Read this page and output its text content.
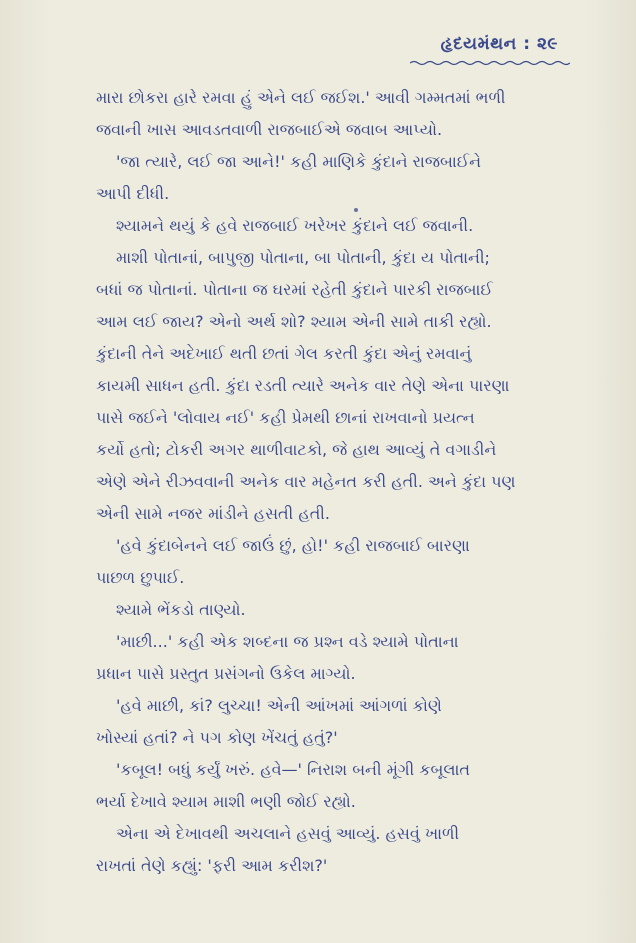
હૃદયમંથન : ૨૯
મારા છોકરા હારે રમવા હું એને લઈ જઈશ.' આવી ગમ્મતમાં ભળી
જવાની ખાસ આવડતવાળી રાજબાઈએ જવાબ આપ્યો.
'જા ત્યારે, લઈ જા આને!' કહી માણિકે કુંદાને રાજબાઈને
આપી દીધી.
શ્યામને થયું કે હવે રાજબાઈ ખરેખર કુંદાને લઈ જવાની.
માશી પોતાનાં, બાપુજી પોતાના, બા પોતાની, કુંદા ય પોતાની;
બધાં જ પોતાનાં. પોતાના જ ઘરમાં રહેતી કુંદાને પારકી રાજબાઈ
આમ લઈ જાય? એનો અર્થ શો? શ્યામ એની સામે તાકી રહ્યો.
કુંદાની તેને અદેખાઈ થતી છતાં ગેલ કરતી કુંદા એનું રમવાનું
કાયમી સાધન હતી. કુંદા રડતી ત્યારે અનેક વાર તેણે એના પારણા
પાસે જઈને 'લોવાય નઈ' કહી પ્રેમથી છાનાં રાખવાનો પ્રયત્ન
કર્યો હતો; ટોકરી અગર થાળીવાટકો, જે હાથ આવ્યું તે વગાડીને
એણે એને રીઝવવાની અનેક વાર મહેનત કરી હતી. અને કુંદા પણ
એની સામે નજર માંડીને હસતી હતી.
'હવે કુંદાબેનને લઈ જાઉં છું, હો!' કહી રાજબાઈ બારણા
પાછળ છુપાઈ.
શ્યામે ભેંકડો તાણ્યો.
'માછી...' કહી એક શબ્દના જ પ્રશ્ન વડે શ્યામે પોતાના
પ્રધાન પાસે પ્રસ્તુત પ્રસંગનો ઉકેલ માગ્યો.
'હવે માછી, કાં? લુચ્ચા! એની આંખમાં આંગળાં કોણે
ખોસ્યાં હતાં? ને પગ કોણ ખેંચતું હતું?'
'કબૂલ! બધું કર્યું ખરું. હવે—' નિરાશ બની મૂંગી કબૂલાત
ભર્યા દેખાવે શ્યામ માશી ભણી જોઈ રહ્યો.
એના એ દેખાવથી અચલાને હસવું આવ્યું. હસવું ખાળી
રાખતાં તેણે કહ્યું: 'ફરી આમ કરીશ?'
